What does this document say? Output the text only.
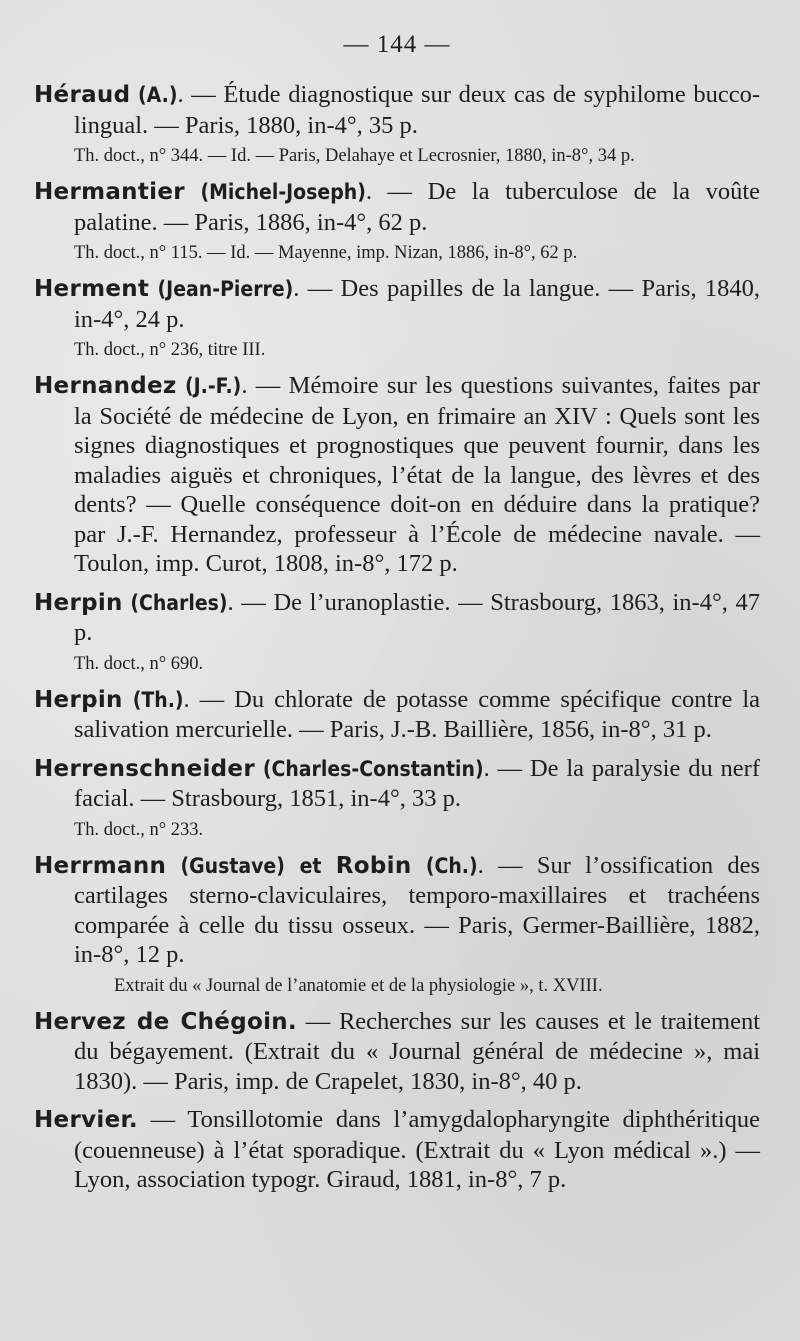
— 144 —

Héraud (A.). — Étude diagnostique sur deux cas de syphilome bucco-lingual. — Paris, 1880, in-4°, 35 p.

Th. doct., n° 344. — Id. — Paris, Delahaye et Lecrosnier, 1880, in-8°, 34 p.

Hermantier (Michel-Joseph). — De la tuberculose de la voûte palatine. — Paris, 1886, in-4°, 62 p.

Th. doct., n° 115. — Id. — Mayenne, imp. Nizan, 1886, in-8°, 62 p.

Herment (Jean-Pierre). — Des papilles de la langue. — Paris, 1840, in-4°, 24 p.

Th. doct., n° 236, titre III.

Hernandez (J.-F.). — Mémoire sur les questions suivantes, faites par la Société de médecine de Lyon, en frimaire an XIV : Quels sont les signes diagnostiques et prognostiques que peuvent fournir, dans les maladies aiguës et chroniques, l’état de la langue, des lèvres et des dents? — Quelle conséquence doit-on en déduire dans la pratique? par J.-F. Hernandez, professeur à l’École de médecine navale. — Toulon, imp. Curot, 1808, in-8°, 172 p.

Herpin (Charles). — De l’uranoplastie. — Strasbourg, 1863, in-4°, 47 p.

Th. doct., n° 690.

Herpin (Th.). — Du chlorate de potasse comme spécifique contre la salivation mercurielle. — Paris, J.-B. Baillière, 1856, in-8°, 31 p.

Herrenschneider (Charles-Constantin). — De la paralysie du nerf facial. — Strasbourg, 1851, in-4°, 33 p.

Th. doct., n° 233.

Herrmann (Gustave) et Robin (Ch.). — Sur l’ossification des cartilages sterno-claviculaires, temporo-maxillaires et trachéens comparée à celle du tissu osseux. — Paris, Germer-Baillière, 1882, in-8°, 12 p.

Extrait du « Journal de l’anatomie et de la physiologie », t. XVIII.

Hervez de Chégoin. — Recherches sur les causes et le traitement du bégayement. (Extrait du « Journal général de médecine », mai 1830). — Paris, imp. de Crapelet, 1830, in-8°, 40 p.

Hervier. — Tonsillotomie dans l’amygdalopharyngite diphthéritique (couenneuse) à l’état sporadique. (Extrait du « Lyon médical ».) — Lyon, association typogr. Giraud, 1881, in-8°, 7 p.
